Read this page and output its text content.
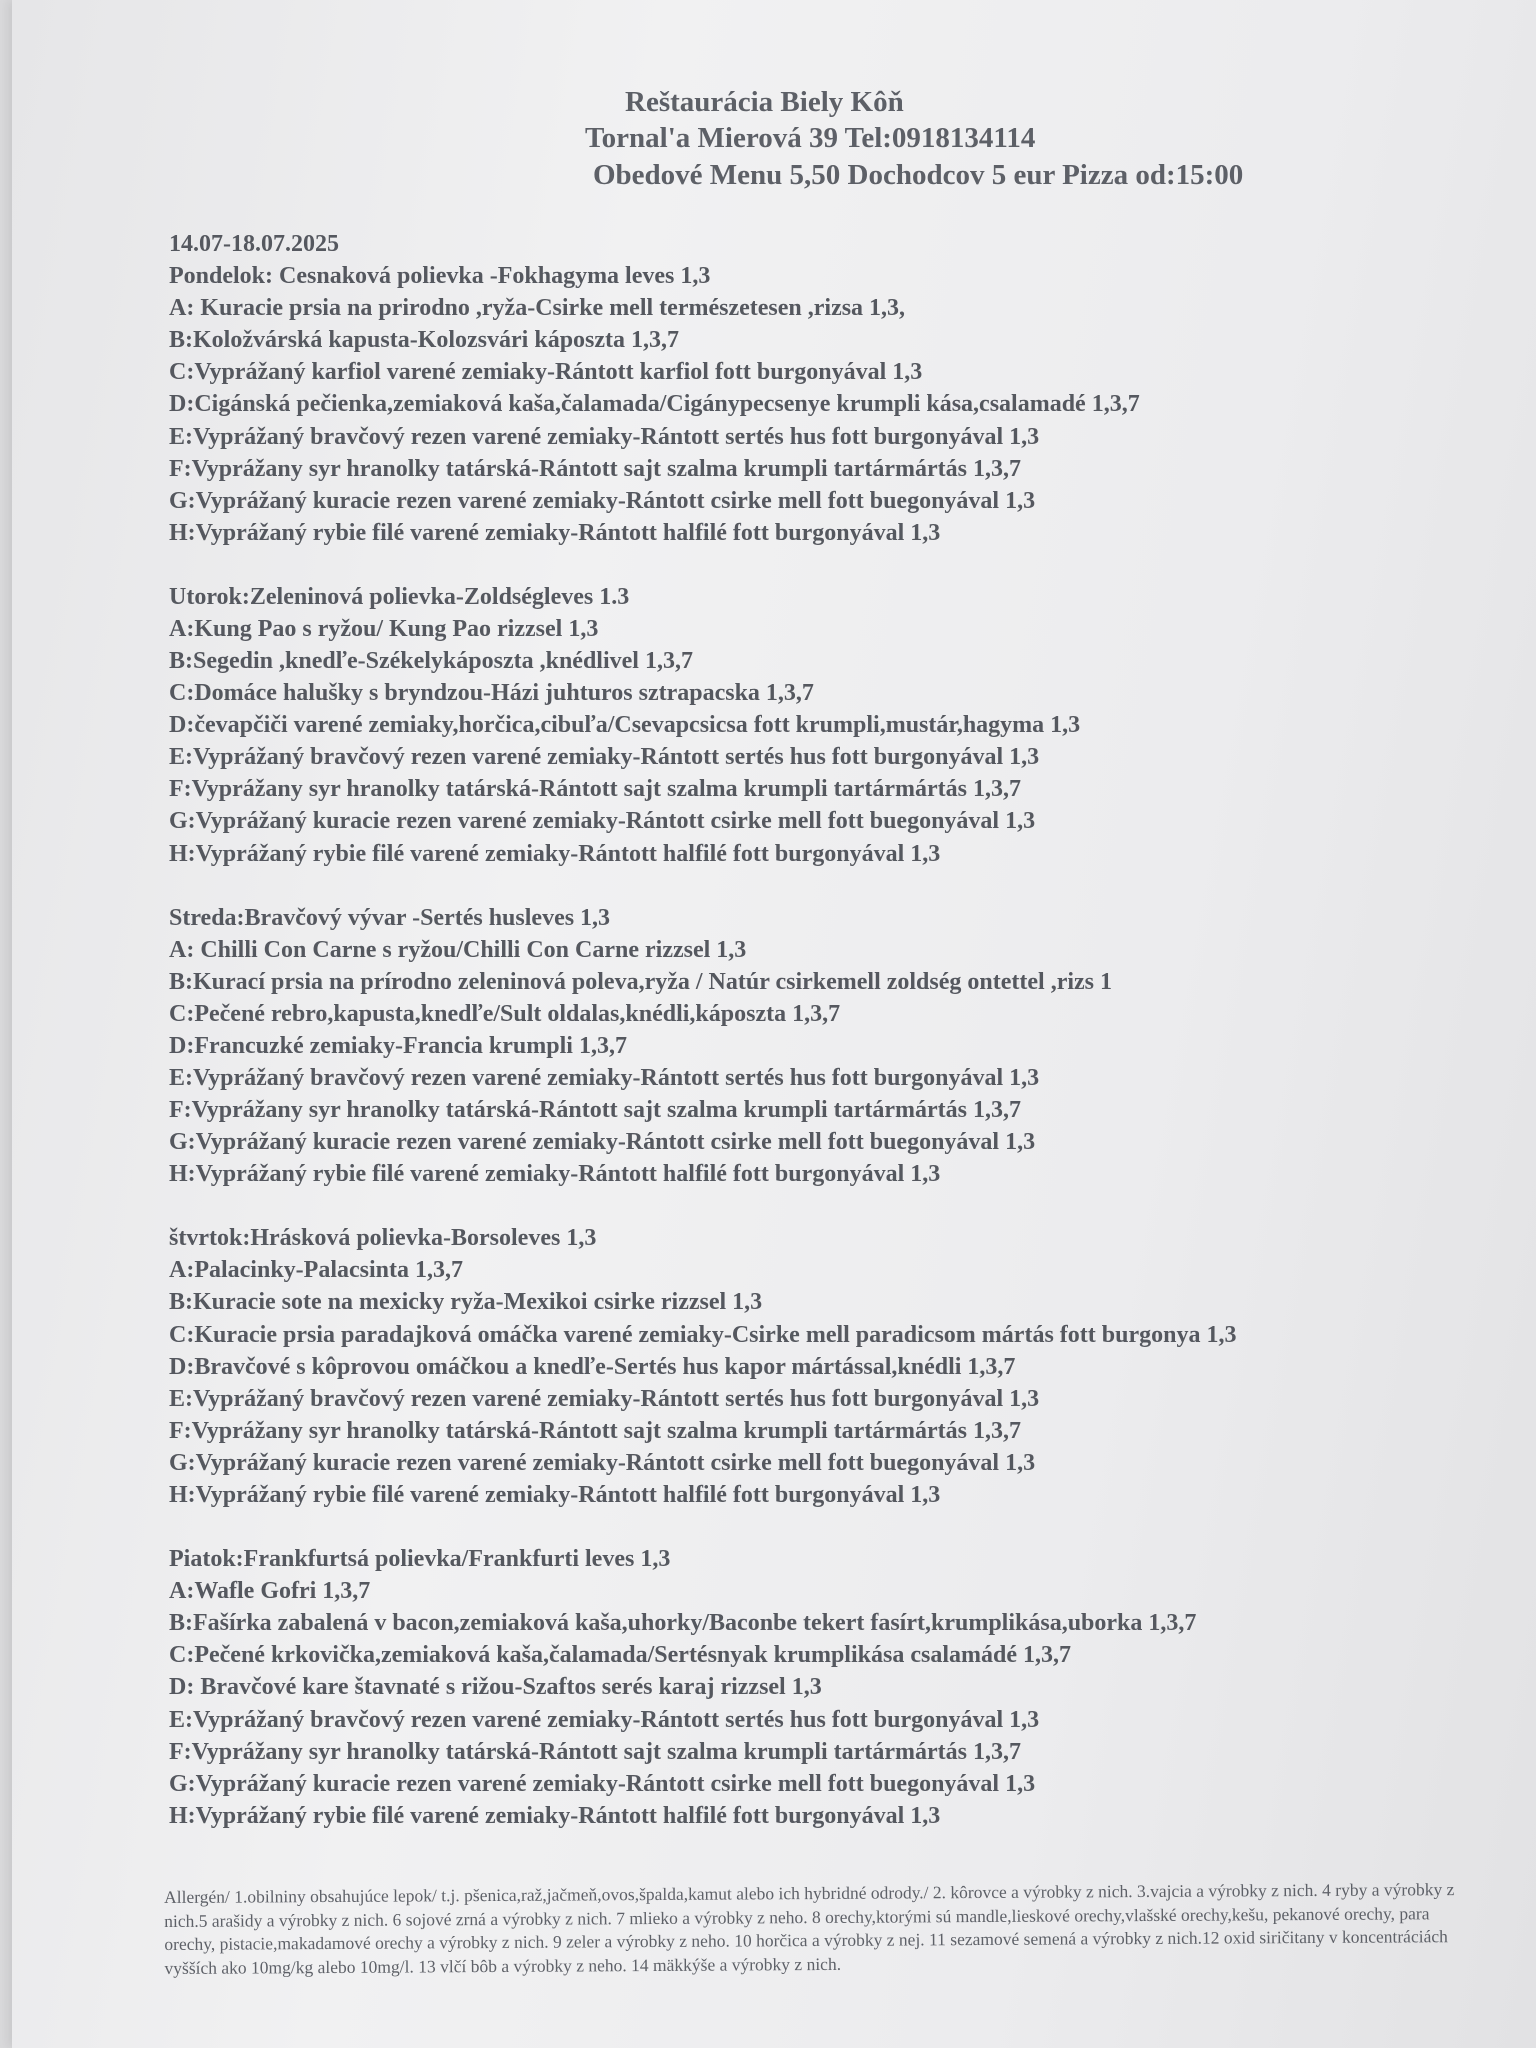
Reštaurácia Biely Kôň
Tornal'a Mierová 39 Tel:0918134114
Obedové Menu 5,50 Dochodcov 5 eur Pizza od:15:00
14.07-18.07.2025
Pondelok: Cesnaková polievka -Fokhagyma leves 1,3
A: Kuracie prsia na prirodno ,ryža-Csirke mell természetesen ,rizsa 1,3,
B:Koložvárská kapusta-Kolozsvári káposzta 1,3,7
C:Vyprážaný karfiol varené zemiaky-Rántott karfiol fott burgonyával 1,3
D:Cigánská pečienka,zemiaková kaša,čalamada/Cigánypecsenye krumpli kása,csalamadé 1,3,7
E:Vyprážaný bravčový rezen varené zemiaky-Rántott sertés hus fott burgonyával 1,3
F:Vyprážany syr hranolky tatárská-Rántott sajt szalma krumpli tartármártás 1,3,7
G:Vyprážaný kuracie rezen varené zemiaky-Rántott csirke mell fott buegonyával 1,3
H:Vyprážaný rybie filé varené zemiaky-Rántott halfilé fott burgonyával 1,3
Utorok:Zeleninová polievka-Zoldségleves 1.3
A:Kung Pao s ryžou/ Kung Pao rizzsel 1,3
B:Segedin ,knedľe-Székelykáposzta ,knédlivel 1,3,7
C:Domáce halušky s bryndzou-Házi juhturos sztrapacska 1,3,7
D:čevapčiči varené zemiaky,horčica,cibuľa/Csevapcsicsa fott krumpli,mustár,hagyma 1,3
E:Vyprážaný bravčový rezen varené zemiaky-Rántott sertés hus fott burgonyával 1,3
F:Vyprážany syr hranolky tatárská-Rántott sajt szalma krumpli tartármártás 1,3,7
G:Vyprážaný kuracie rezen varené zemiaky-Rántott csirke mell fott buegonyával 1,3
H:Vyprážaný rybie filé varené zemiaky-Rántott halfilé fott burgonyával 1,3
Streda:Bravčový vývar -Sertés husleves 1,3
A: Chilli Con Carne s ryžou/Chilli Con Carne rizzsel 1,3
B:Kurací prsia na prírodno zeleninová poleva,ryža / Natúr csirkemell zoldség ontettel ,rizs 1
C:Pečené rebro,kapusta,knedľe/Sult oldalas,knédli,káposzta 1,3,7
D:Francuzké zemiaky-Francia krumpli 1,3,7
E:Vyprážaný bravčový rezen varené zemiaky-Rántott sertés hus fott burgonyával 1,3
F:Vyprážany syr hranolky tatárská-Rántott sajt szalma krumpli tartármártás 1,3,7
G:Vyprážaný kuracie rezen varené zemiaky-Rántott csirke mell fott buegonyával 1,3
H:Vyprážaný rybie filé varené zemiaky-Rántott halfilé fott burgonyával 1,3
štvrtok:Hrásková polievka-Borsoleves 1,3
A:Palacinky-Palacsinta 1,3,7
B:Kuracie sote na mexicky ryža-Mexikoi csirke rizzsel 1,3
C:Kuracie prsia paradajková omáčka varené zemiaky-Csirke mell paradicsom mártás fott burgonya 1,3
D:Bravčové s kôprovou omáčkou a knedľe-Sertés hus kapor mártással,knédli 1,3,7
E:Vyprážaný bravčový rezen varené zemiaky-Rántott sertés hus fott burgonyával 1,3
F:Vyprážany syr hranolky tatárská-Rántott sajt szalma krumpli tartármártás 1,3,7
G:Vyprážaný kuracie rezen varené zemiaky-Rántott csirke mell fott buegonyával 1,3
H:Vyprážaný rybie filé varené zemiaky-Rántott halfilé fott burgonyával 1,3
Piatok:Frankfurtsá polievka/Frankfurti leves 1,3
A:Wafle Gofri 1,3,7
B:Fašírka zabalená v bacon,zemiaková kaša,uhorky/Baconbe tekert fasírt,krumplikása,uborka 1,3,7
C:Pečené krkovička,zemiaková kaša,čalamada/Sertésnyak krumplikása csalamádé 1,3,7
D: Bravčové kare štavnaté s rižou-Szaftos serés karaj rizzsel 1,3
E:Vyprážaný bravčový rezen varené zemiaky-Rántott sertés hus fott burgonyával 1,3
F:Vyprážany syr hranolky tatárská-Rántott sajt szalma krumpli tartármártás 1,3,7
G:Vyprážaný kuracie rezen varené zemiaky-Rántott csirke mell fott buegonyával 1,3
H:Vyprážaný rybie filé varené zemiaky-Rántott halfilé fott burgonyával 1,3
Allergén/ 1.obilniny obsahujúce lepok/ t.j. pšenica,raž,jačmeň,ovos,špalda,kamut alebo ich hybridné odrody./ 2. kôrovce a výrobky z nich. 3.vajcia a výrobky z nich. 4 ryby a výrobky z nich.5 arašidy a výrobky z nich. 6 sojové zrná a výrobky z nich. 7 mlieko a výrobky z neho. 8 orechy,ktorými sú mandle,lieskové orechy,vlašské orechy,kešu, pekanové orechy, para orechy, pistacie,makadamové orechy a výrobky z nich. 9 zeler a výrobky z neho. 10 horčica a výrobky z nej. 11 sezamové semená a výrobky z nich.12 oxid siričitany v koncentráciách vyšších ako 10mg/kg alebo 10mg/l. 13 vlčí bôb a výrobky z neho. 14 mäkkýše a výrobky z nich.
